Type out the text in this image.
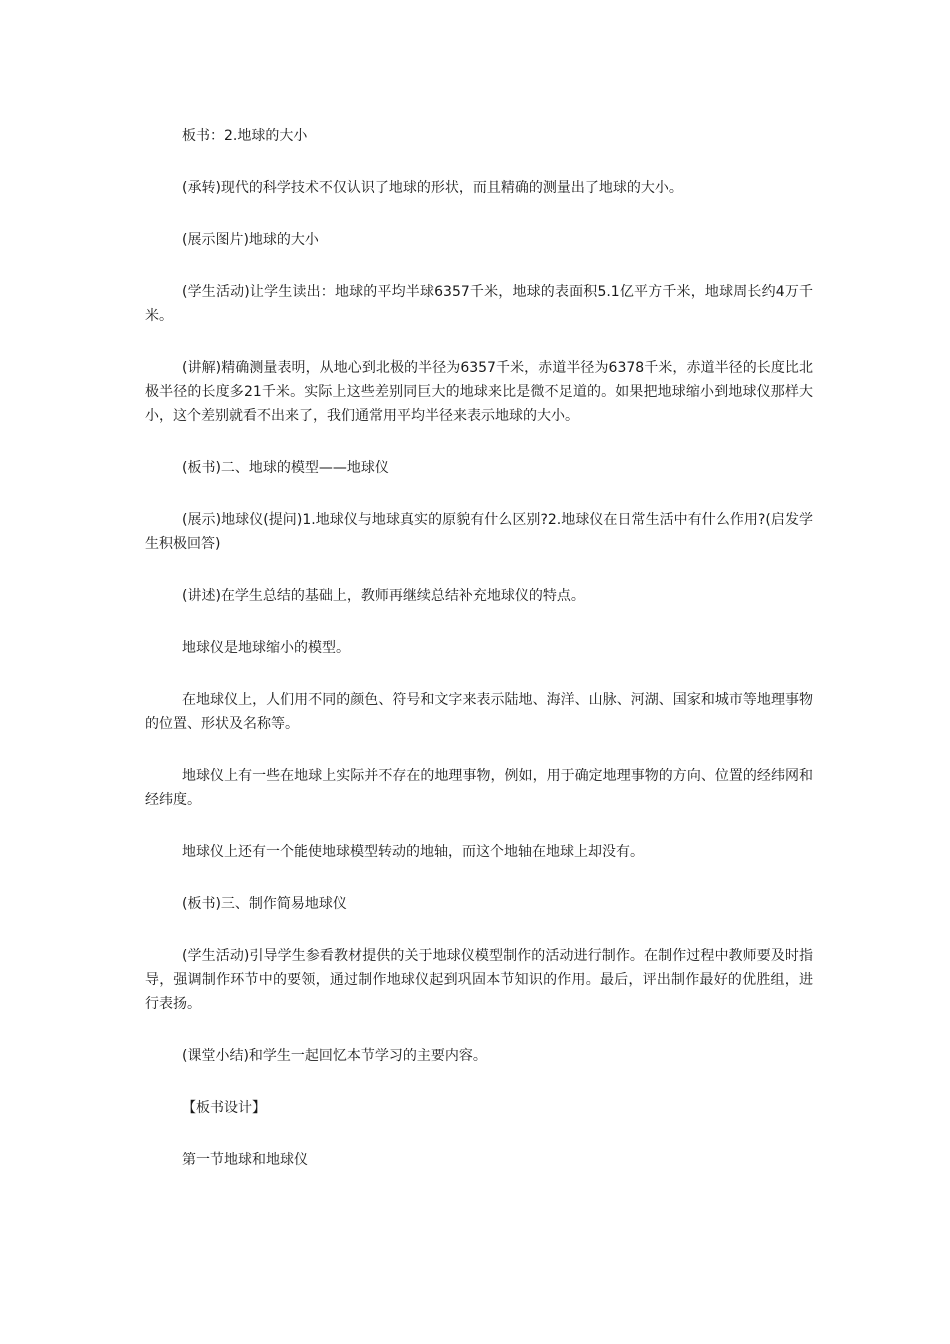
板书：2.地球的大小

(承转)现代的科学技术不仅认识了地球的形状，而且精确的测量出了地球的大小。

(展示图片)地球的大小

(学生活动)让学生读出：地球的平均半球6357千米，地球的表面积5.1亿平方千米，地球周长约4万千米。

(讲解)精确测量表明，从地心到北极的半径为6357千米，赤道半径为6378千米，赤道半径的长度比北极半径的长度多21千米。实际上这些差别同巨大的地球来比是微不足道的。如果把地球缩小到地球仪那样大小，这个差别就看不出来了，我们通常用平均半径来表示地球的大小。

(板书)二、地球的模型——地球仪

(展示)地球仪(提问)1.地球仪与地球真实的原貌有什么区别?2.地球仪在日常生活中有什么作用?(启发学生积极回答)

(讲述)在学生总结的基础上，教师再继续总结补充地球仪的特点。

地球仪是地球缩小的模型。

在地球仪上，人们用不同的颜色、符号和文字来表示陆地、海洋、山脉、河湖、国家和城市等地理事物的位置、形状及名称等。

地球仪上有一些在地球上实际并不存在的地理事物，例如，用于确定地理事物的方向、位置的经纬网和经纬度。

地球仪上还有一个能使地球模型转动的地轴，而这个地轴在地球上却没有。

(板书)三、制作简易地球仪

(学生活动)引导学生参看教材提供的关于地球仪模型制作的活动进行制作。在制作过程中教师要及时指导，强调制作环节中的要领，通过制作地球仪起到巩固本节知识的作用。最后，评出制作最好的优胜组，进行表扬。

(课堂小结)和学生一起回忆本节学习的主要内容。

【板书设计】

第一节地球和地球仪
